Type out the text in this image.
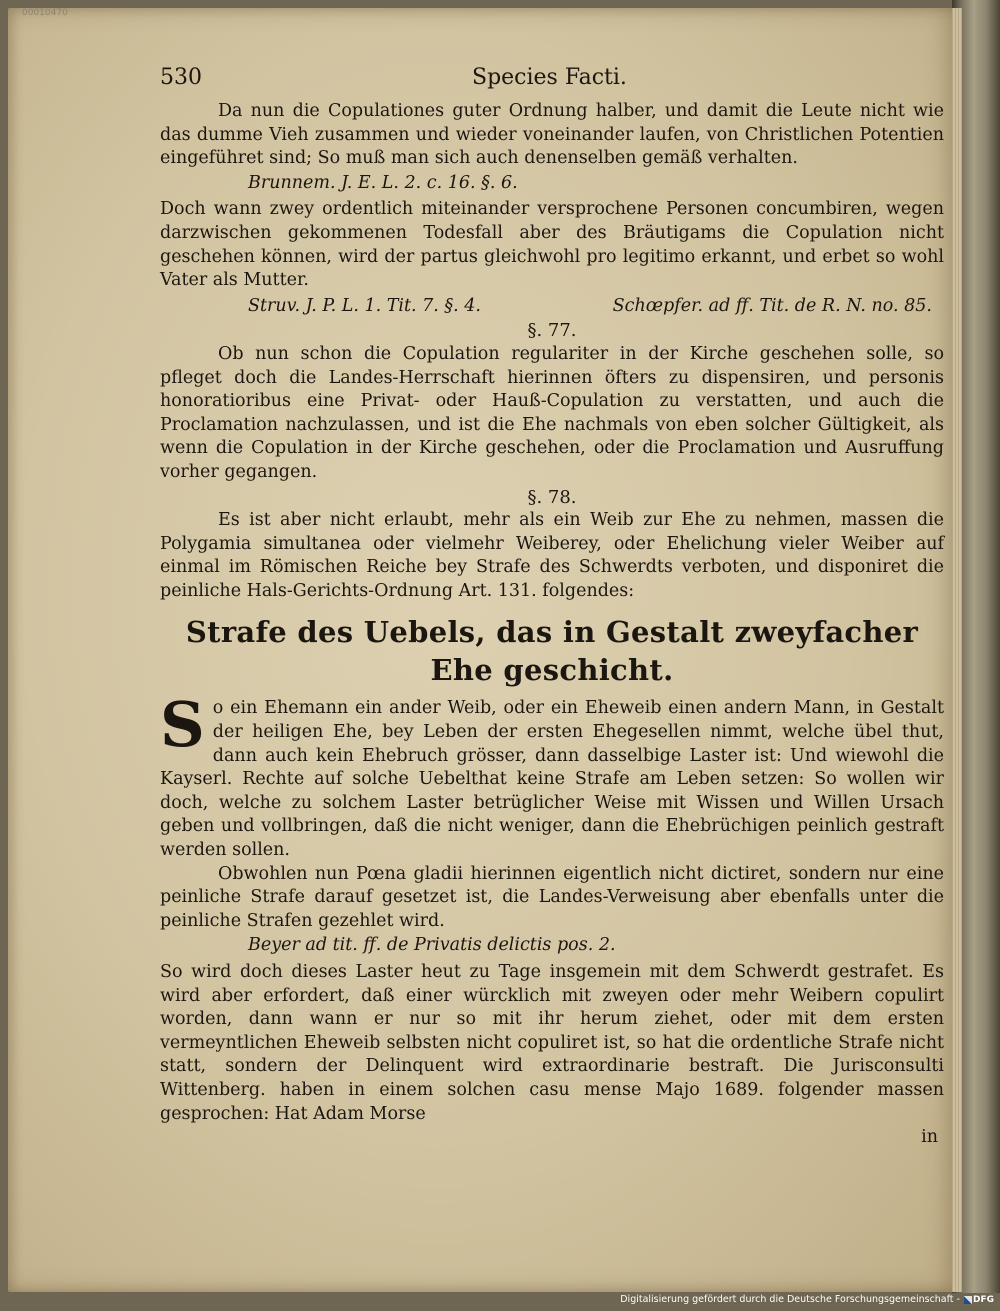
00010470
530	Species Facti.

Da nun die Copulationes guter Ordnung halber, und damit die Leute nicht wie das dumme Vieh zusammen und wieder voneinander laufen, von Christlichen Potentien eingeführet sind; So muß man sich auch denenselben gemäß verhalten.

Brunnem. J. E. L. 2. c. 16. §. 6.

Doch wann zwey ordentlich miteinander versprochene Personen concumbiren, wegen darzwischen gekommenen Todesfall aber des Bräutigams die Copulation nicht geschehen können, wird der partus gleichwohl pro legitimo erkannt, und erbet so wohl Vater als Mutter.

Struv. J. P. L. 1. Tit. 7. §. 4.	Schœpfer. ad ff. Tit. de R. N. no. 85.

§. 77.

Ob nun schon die Copulation regulariter in der Kirche geschehen solle, so pfleget doch die Landes-Herrschaft hierinnen öfters zu dispensiren, und personis honoratioribus eine Privat- oder Hauß-Copulation zu verstatten, und auch die Proclamation nachzulassen, und ist die Ehe nachmals von eben solcher Gültigkeit, als wenn die Copulation in der Kirche geschehen, oder die Proclamation und Ausruffung vorher gegangen.

§. 78.

Es ist aber nicht erlaubt, mehr als ein Weib zur Ehe zu nehmen, massen die Polygamia simultanea oder vielmehr Weiberey, oder Ehelichung vieler Weiber auf einmal im Römischen Reiche bey Strafe des Schwerdts verboten, und disponiret die peinliche Hals-Gerichts-Ordnung Art. 131. folgendes:

Strafe des Uebels, das in Gestalt zweyfacher Ehe geschicht.

So ein Ehemann ein ander Weib, oder ein Eheweib einen andern Mann, in Gestalt der heiligen Ehe, bey Leben der ersten Ehegesellen nimmt, welche übel thut, dann auch kein Ehebruch grösser, dann dasselbige Laster ist: Und wiewohl die Kayserl. Rechte auf solche Uebelthat keine Strafe am Leben setzen: So wollen wir doch, welche zu solchem Laster betrüglicher Weise mit Wissen und Willen Ursach geben und vollbringen, daß die nicht weniger, dann die Ehebrüchigen peinlich gestraft werden sollen.

Obwohlen nun Pœna gladii hierinnen eigentlich nicht dictiret, sondern nur eine peinliche Strafe darauf gesetzet ist, die Landes-Verweisung aber ebenfalls unter die peinliche Strafen gezehlet wird.

Beyer ad tit. ff. de Privatis delictis pos. 2.

So wird doch dieses Laster heut zu Tage insgemein mit dem Schwerdt gestrafet. Es wird aber erfordert, daß einer würcklich mit zweyen oder mehr Weibern copulirt worden, dann wann er nur so mit ihr herum ziehet, oder mit dem ersten vermeyntlichen Eheweib selbsten nicht copuliret ist, so hat die ordentliche Strafe nicht statt, sondern der Delinquent wird extraordinarie bestraft. Die Jurisconsulti Wittenberg. haben in einem solchen casu mense Majo 1689. folgender massen gesprochen: Hat Adam Morse

in

Digitalisierung gefördert durch die Deutsche Forschungsgemeinschaft - DFG
